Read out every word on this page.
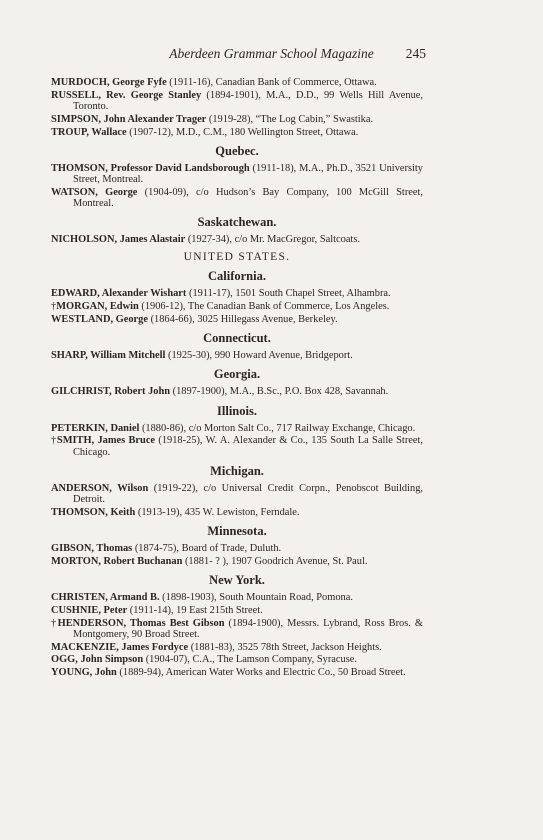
Aberdeen Grammar School Magazine	245
MURDOCH, George Fyfe (1911-16), Canadian Bank of Commerce, Ottawa.
RUSSELL, Rev. George Stanley (1894-1901), M.A., D.D., 99 Wells Hill Avenue, Toronto.
SIMPSON, John Alexander Trager (1919-28), “The Log Cabin,” Swastika.
TROUP, Wallace (1907-12), M.D., C.M., 180 Wellington Street, Ottawa.
Quebec.
THOMSON, Professor David Landsborough (1911-18), M.A., Ph.D., 3521 University Street, Montreal.
WATSON, George (1904-09), c/o Hudson’s Bay Company, 100 McGill Street, Montreal.
Saskatchewan.
NICHOLSON, James Alastair (1927-34), c/o Mr. MacGregor, Saltcoats.
UNITED STATES.
California.
EDWARD, Alexander Wishart (1911-17), 1501 South Chapel Street, Alhambra.
†MORGAN, Edwin (1906-12), The Canadian Bank of Commerce, Los Angeles.
WESTLAND, George (1864-66), 3025 Hillegass Avenue, Berkeley.
Connecticut.
SHARP, William Mitchell (1925-30), 990 Howard Avenue, Bridgeport.
Georgia.
GILCHRIST, Robert John (1897-1900), M.A., B.Sc., P.O. Box 428, Savannah.
Illinois.
PETERKIN, Daniel (1880-86), c/o Morton Salt Co., 717 Railway Exchange, Chicago.
†SMITH, James Bruce (1918-25), W. A. Alexander & Co., 135 South La Salle Street, Chicago.
Michigan.
ANDERSON, Wilson (1919-22), c/o Universal Credit Corpn., Penobscot Building, Detroit.
THOMSON, Keith (1913-19), 435 W. Lewiston, Ferndale.
Minnesota.
GIBSON, Thomas (1874-75), Board of Trade, Duluth.
MORTON, Robert Buchanan (1881- ? ), 1907 Goodrich Avenue, St. Paul.
New York.
CHRISTEN, Armand B. (1898-1903), South Mountain Road, Pomona.
CUSHNIE, Peter (1911-14), 19 East 215th Street.
†HENDERSON, Thomas Best Gibson (1894-1900), Messrs. Lybrand, Ross Bros. & Montgomery, 90 Broad Street.
MACKENZIE, James Fordyce (1881-83), 3525 78th Street, Jackson Heights.
OGG, John Simpson (1904-07), C.A., The Lamson Company, Syracuse.
YOUNG, John (1889-94), American Water Works and Electric Co., 50 Broad Street.
